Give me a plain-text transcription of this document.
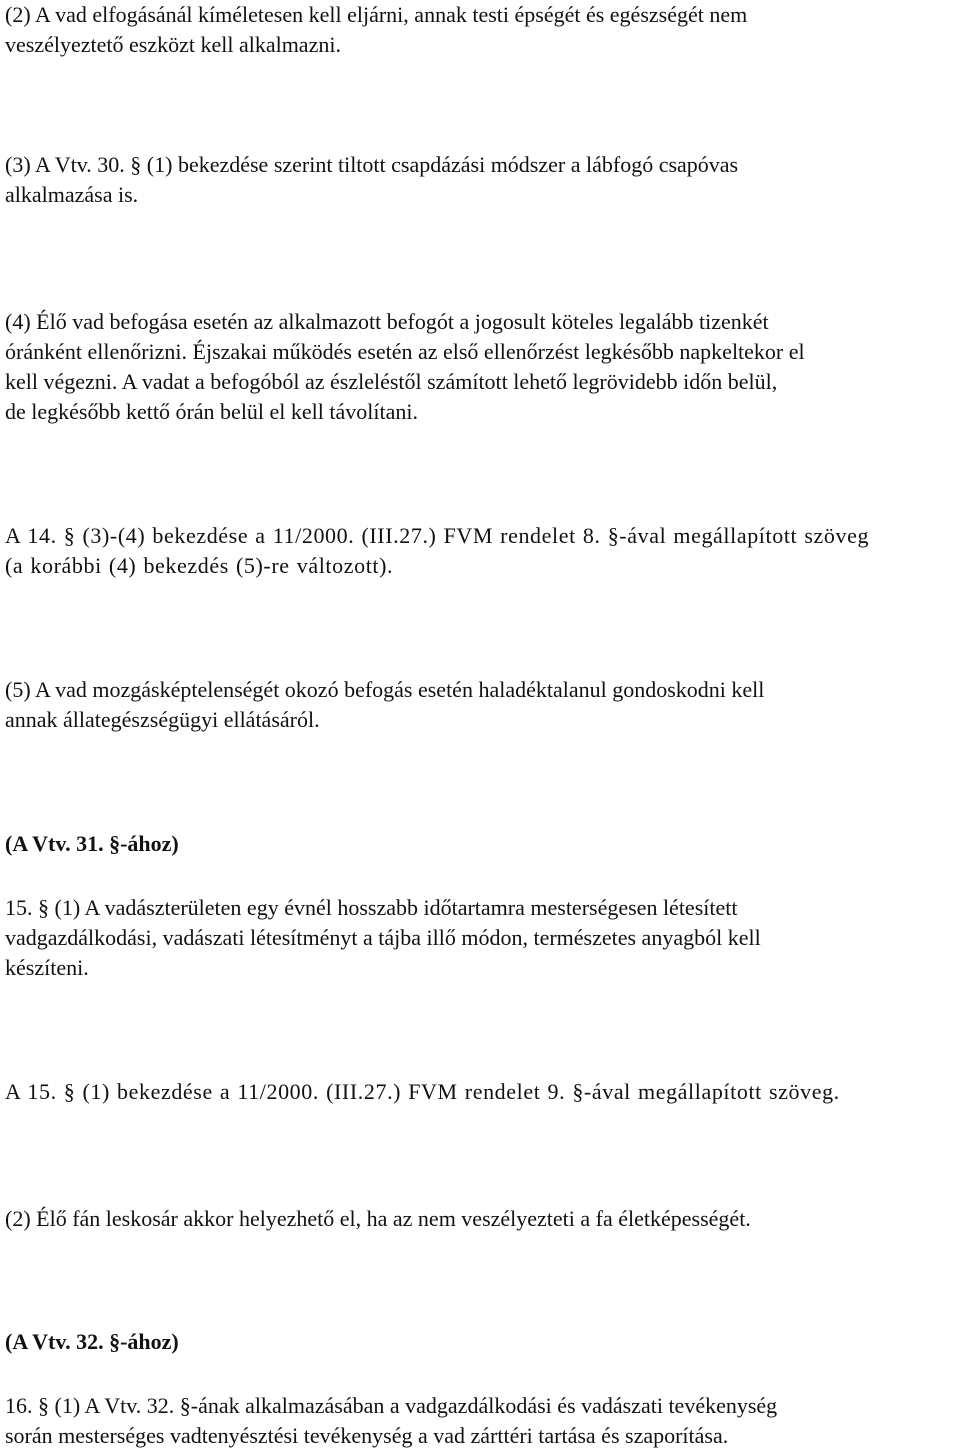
(2) A vad elfogásánál kíméletesen kell eljárni, annak testi épségét és egészségét nem
veszélyeztető eszközt kell alkalmazni.
(3) A Vtv. 30. § (1) bekezdése szerint tiltott csapdázási módszer a lábfogó csapóvas
alkalmazása is.
(4) Élő vad befogása esetén az alkalmazott befogót a jogosult köteles legalább tizenkét
óránként ellenőrizni. Éjszakai működés esetén az első ellenőrzést legkésőbb napkeltekor el
kell végezni. A vadat a befogóból az észleléstől számított lehető legrövidebb időn belül,
de legkésőbb kettő órán belül el kell távolítani.
A 14. § (3)-(4) bekezdése a 11/2000. (III.27.) FVM rendelet 8. §-ával megállapított szöveg
(a korábbi (4) bekezdés (5)-re változott).
(5) A vad mozgásképtelenségét okozó befogás esetén haladéktalanul gondoskodni kell
annak állategészségügyi ellátásáról.
(A Vtv. 31. §-ához)
15. § (1) A vadászterületen egy évnél hosszabb időtartamra mesterségesen létesített
vadgazdálkodási, vadászati létesítményt a tájba illő módon, természetes anyagból kell
készíteni.
A 15. § (1) bekezdése a 11/2000. (III.27.) FVM rendelet 9. §-ával megállapított szöveg.
(2) Élő fán leskosár akkor helyezhető el, ha az nem veszélyezteti a fa életképességét.
(A Vtv. 32. §-ához)
16. § (1) A Vtv. 32. §-ának alkalmazásában a vadgazdálkodási és vadászati tevékenység
során mesterséges vadtenyésztési tevékenység a vad zárttéri tartása és szaporítása.
